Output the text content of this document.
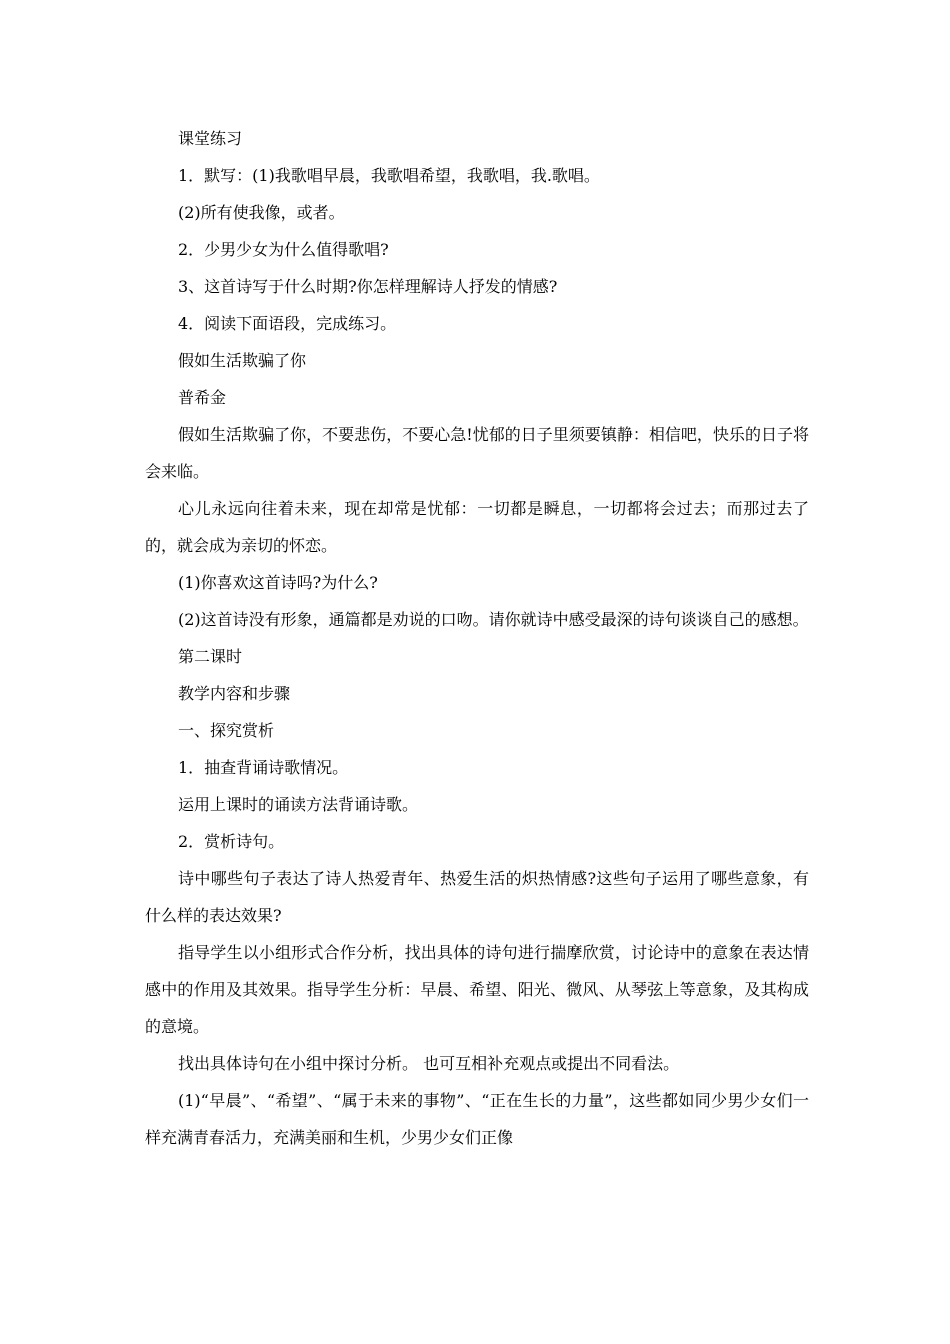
课堂练习

1．默写：(1)我歌唱早晨，我歌唱希望，我歌唱，我.歌唱。

(2)所有使我像，或者。

2．少男少女为什么值得歌唱?

3、这首诗写于什么时期?你怎样理解诗人抒发的情感?

4．阅读下面语段，完成练习。

假如生活欺骗了你

普希金

假如生活欺骗了你，不要悲伤，不要心急!忧郁的日子里须要镇静：相信吧，快乐的日子将会来临。

心儿永远向往着未来，现在却常是忧郁：一切都是瞬息，一切都将会过去；而那过去了的，就会成为亲切的怀恋。

(1)你喜欢这首诗吗?为什么?

(2)这首诗没有形象，通篇都是劝说的口吻。请你就诗中感受最深的诗句谈谈自己的感想。

第二课时

教学内容和步骤

一、探究赏析

1．抽查背诵诗歌情况。

运用上课时的诵读方法背诵诗歌。

2．赏析诗句。

诗中哪些句子表达了诗人热爱青年、热爱生活的炽热情感?这些句子运用了哪些意象，有什么样的表达效果?

指导学生以小组形式合作分析，找出具体的诗句进行揣摩欣赏，讨论诗中的意象在表达情感中的作用及其效果。指导学生分析：早晨、希望、阳光、微风、从琴弦上等意象，及其构成的意境。

找出具体诗句在小组中探讨分析。 也可互相补充观点或提出不同看法。

(1)“早晨”、“希望”、“属于未来的事物”、“正在生长的力量”，这些都如同少男少女们一样充满青春活力，充满美丽和生机，少男少女们正像
